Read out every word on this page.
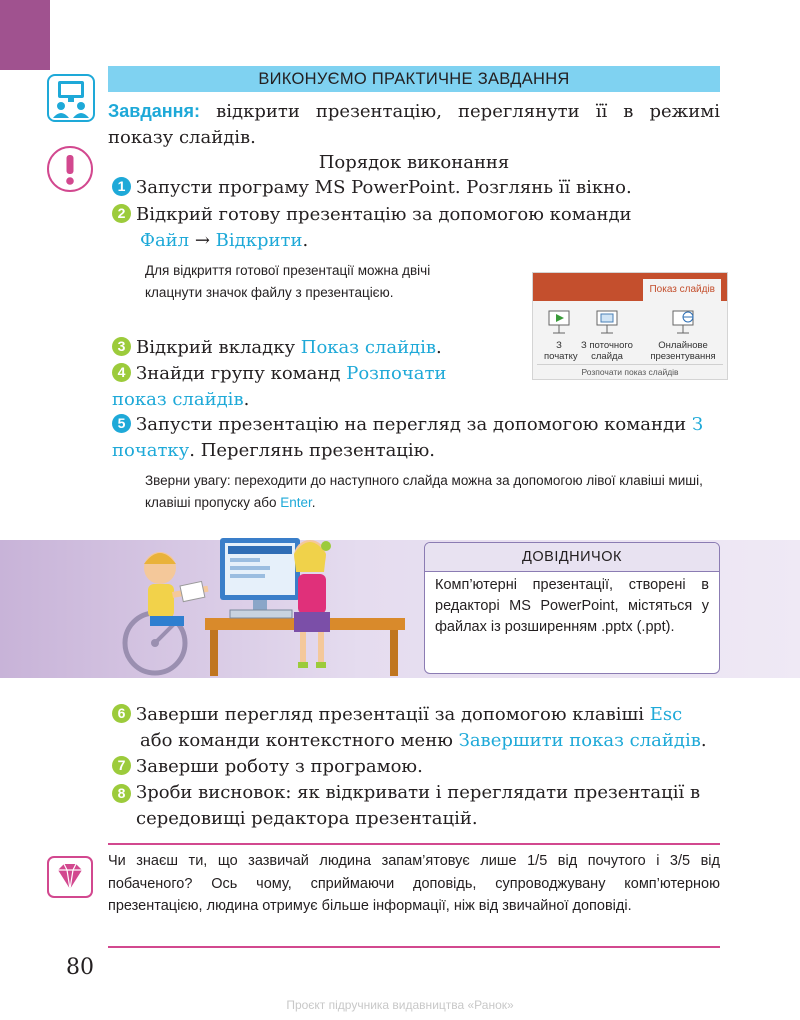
ВИКОНУЄМО ПРАКТИЧНЕ ЗАВДАННЯ
Завдання: відкрити презентацію, переглянути її в режимі показу слайдів.
Порядок виконання
1 Запусти програму MS PowerPoint. Розглянь її вікно.
2 Відкрий готову презентацію за допомогою команди
Файл → Відкрити.
Для відкриття готової презентації можна двічі клацнути значок файлу з презентацією.	Показ слайдів

З початку

З поточного слайда

Онлайнове презентування
Розпочати показ слайдів
3 Відкрий вкладку Показ слайдів.
4 Знайди групу команд Розпочати показ слайдів.
5 Запусти презентацію на перегляд за допомогою команди З початку. Переглянь презентацію.
Зверни увагу: переходити до наступного слайда можна за допомогою лівої клавіші миші, клавіші пропуску або Enter.
ДОВІДНИЧОК
Комп’ютерні презентації, створені в редакторі MS PowerPoint, містяться у файлах із розширенням .pptx (.ppt).
6 Заверши перегляд презентації за допомогою клавіші Esc
або команди контекстного меню Завершити показ слайдів.
7 Заверши роботу з програмою.
8 Зроби висновок: як відкривати і переглядати презентації в середовищі редактора презентацій.
Чи знаєш ти, що зазвичай людина запам’ятовує лише 1/5 від почутого і 3/5 від побаченого? Ось чому, сприймаючи доповідь, супроводжувану комп’ютерною презентацією, людина отримує більше інформації, ніж від звичайної доповіді.
80
Проєкт підручника видавництва «Ранок»
